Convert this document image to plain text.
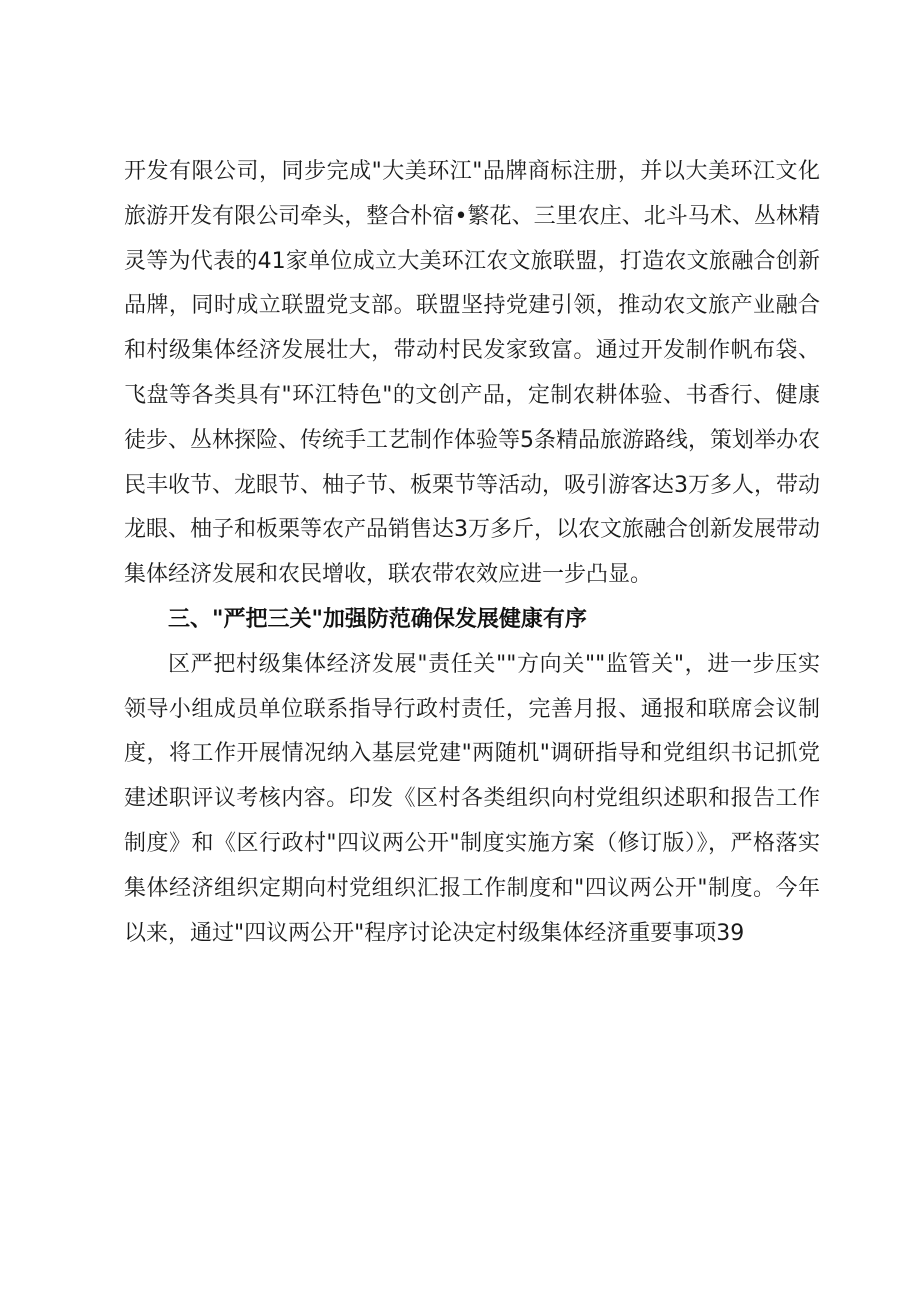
开发有限公司，同步完成"大美环江"品牌商标注册，并以大美环江文化旅游开发有限公司牵头，整合朴宿•繁花、三里农庄、北斗马术、丛林精灵等为代表的41家单位成立大美环江农文旅联盟，打造农文旅融合创新品牌，同时成立联盟党支部。联盟坚持党建引领，推动农文旅产业融合和村级集体经济发展壮大，带动村民发家致富。通过开发制作帆布袋、飞盘等各类具有"环江特色"的文创产品，定制农耕体验、书香行、健康徒步、丛林探险、传统手工艺制作体验等5条精品旅游路线，策划举办农民丰收节、龙眼节、柚子节、板栗节等活动，吸引游客达3万多人，带动龙眼、柚子和板栗等农产品销售达3万多斤，以农文旅融合创新发展带动集体经济发展和农民增收，联农带农效应进一步凸显。

三、"严把三关"加强防范确保发展健康有序

区严把村级集体经济发展"责任关""方向关""监管关"，进一步压实领导小组成员单位联系指导行政村责任，完善月报、通报和联席会议制度，将工作开展情况纳入基层党建"两随机"调研指导和党组织书记抓党建述职评议考核内容。印发《区村各类组织向村党组织述职和报告工作制度》和《区行政村"四议两公开"制度实施方案（修订版）》，严格落实集体经济组织定期向村党组织汇报工作制度和"四议两公开"制度。今年以来，通过"四议两公开"程序讨论决定村级集体经济重要事项39
